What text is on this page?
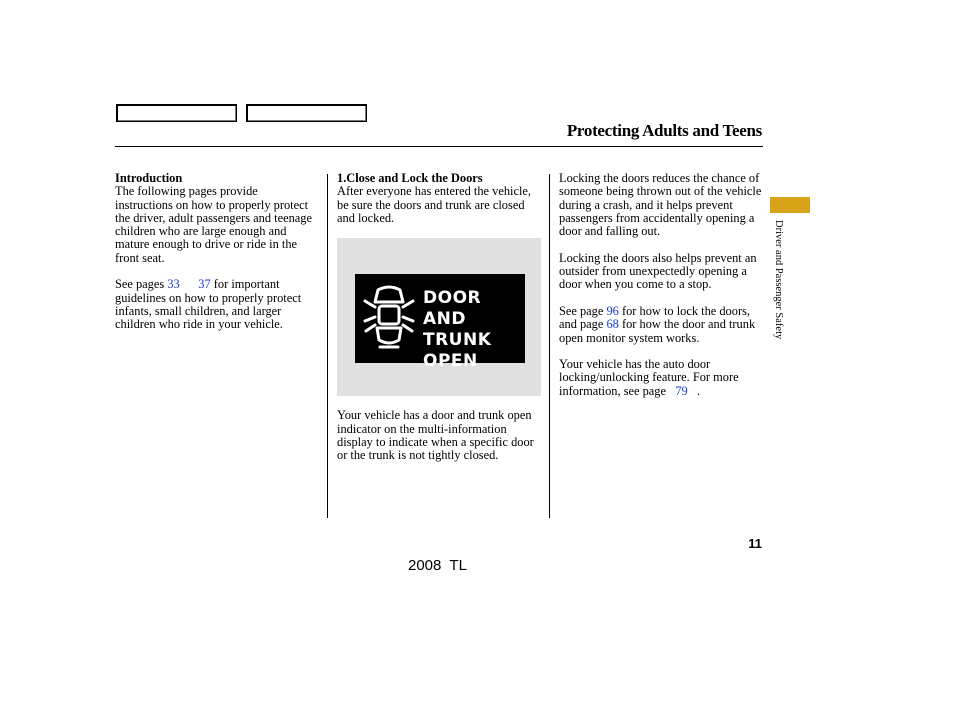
Protecting Adults and Teens
Introduction

The following pages provide instructions on how to properly protect the driver, adult passengers and teenage children who are large enough and mature enough to drive or ride in the front seat.

See pages 33 37 for important guidelines on how to properly protect infants, small children, and larger children who ride in your vehicle.

1.Close and Lock the Doors

After everyone has entered the vehicle, be sure the doors and trunk are closed and locked.

DOOR AND
TRUNK
OPEN

Your vehicle has a door and trunk open indicator on the multi-information display to indicate when a specific door or the trunk is not tightly closed.

Locking the doors reduces the chance of someone being thrown out of the vehicle during a crash, and it helps prevent passengers from accidentally opening a door and falling out.

Locking the doors also helps prevent an outsider from unexpectedly opening a door when you come to a stop.

See page 96 for how to lock the doors, and page 68 for how the door and trunk open monitor system works.

Your vehicle has the auto door locking/unlocking feature. For more information, see page   79   .

Driver and Passenger Safety
11
2008  TL
